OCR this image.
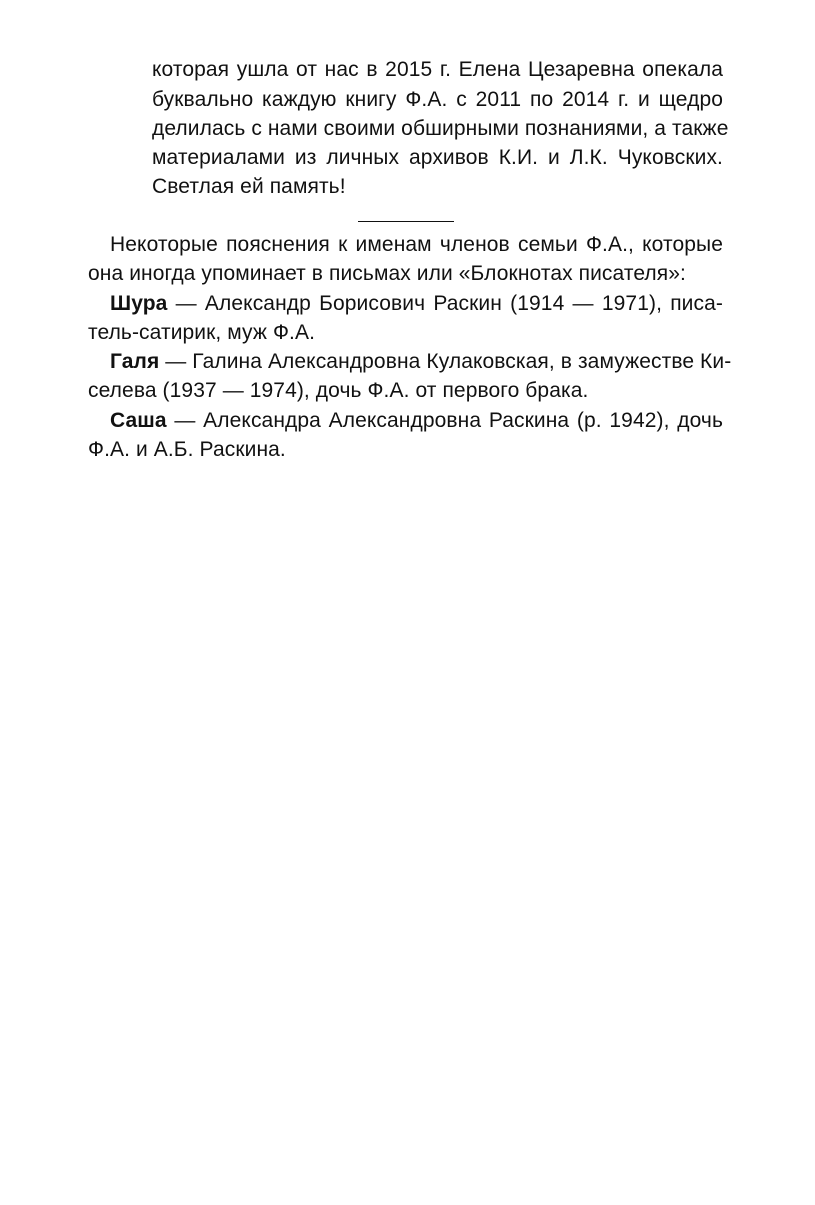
которая ушла от нас в 2015 г. Елена Цезаревна опекала
буквально каждую книгу Ф.А. с 2011 по 2014 г. и щедро
делилась с нами своими обширными познаниями, а также
материалами из личных архивов К.И. и Л.К. Чуковских.
Светлая ей память!
Некоторые пояснения к именам членов семьи Ф.А., которые
она иногда упоминает в письмах или «Блокнотах писателя»:
Шура — Александр Борисович Раскин (1914 — 1971), писа-
тель-сатирик, муж Ф.А.
Галя — Галина Александровна Кулаковская, в замужестве Ки-
селева (1937 — 1974), дочь Ф.А. от первого брака.
Саша — Александра Александровна Раскина (р. 1942), дочь
Ф.А. и А.Б. Раскина.
